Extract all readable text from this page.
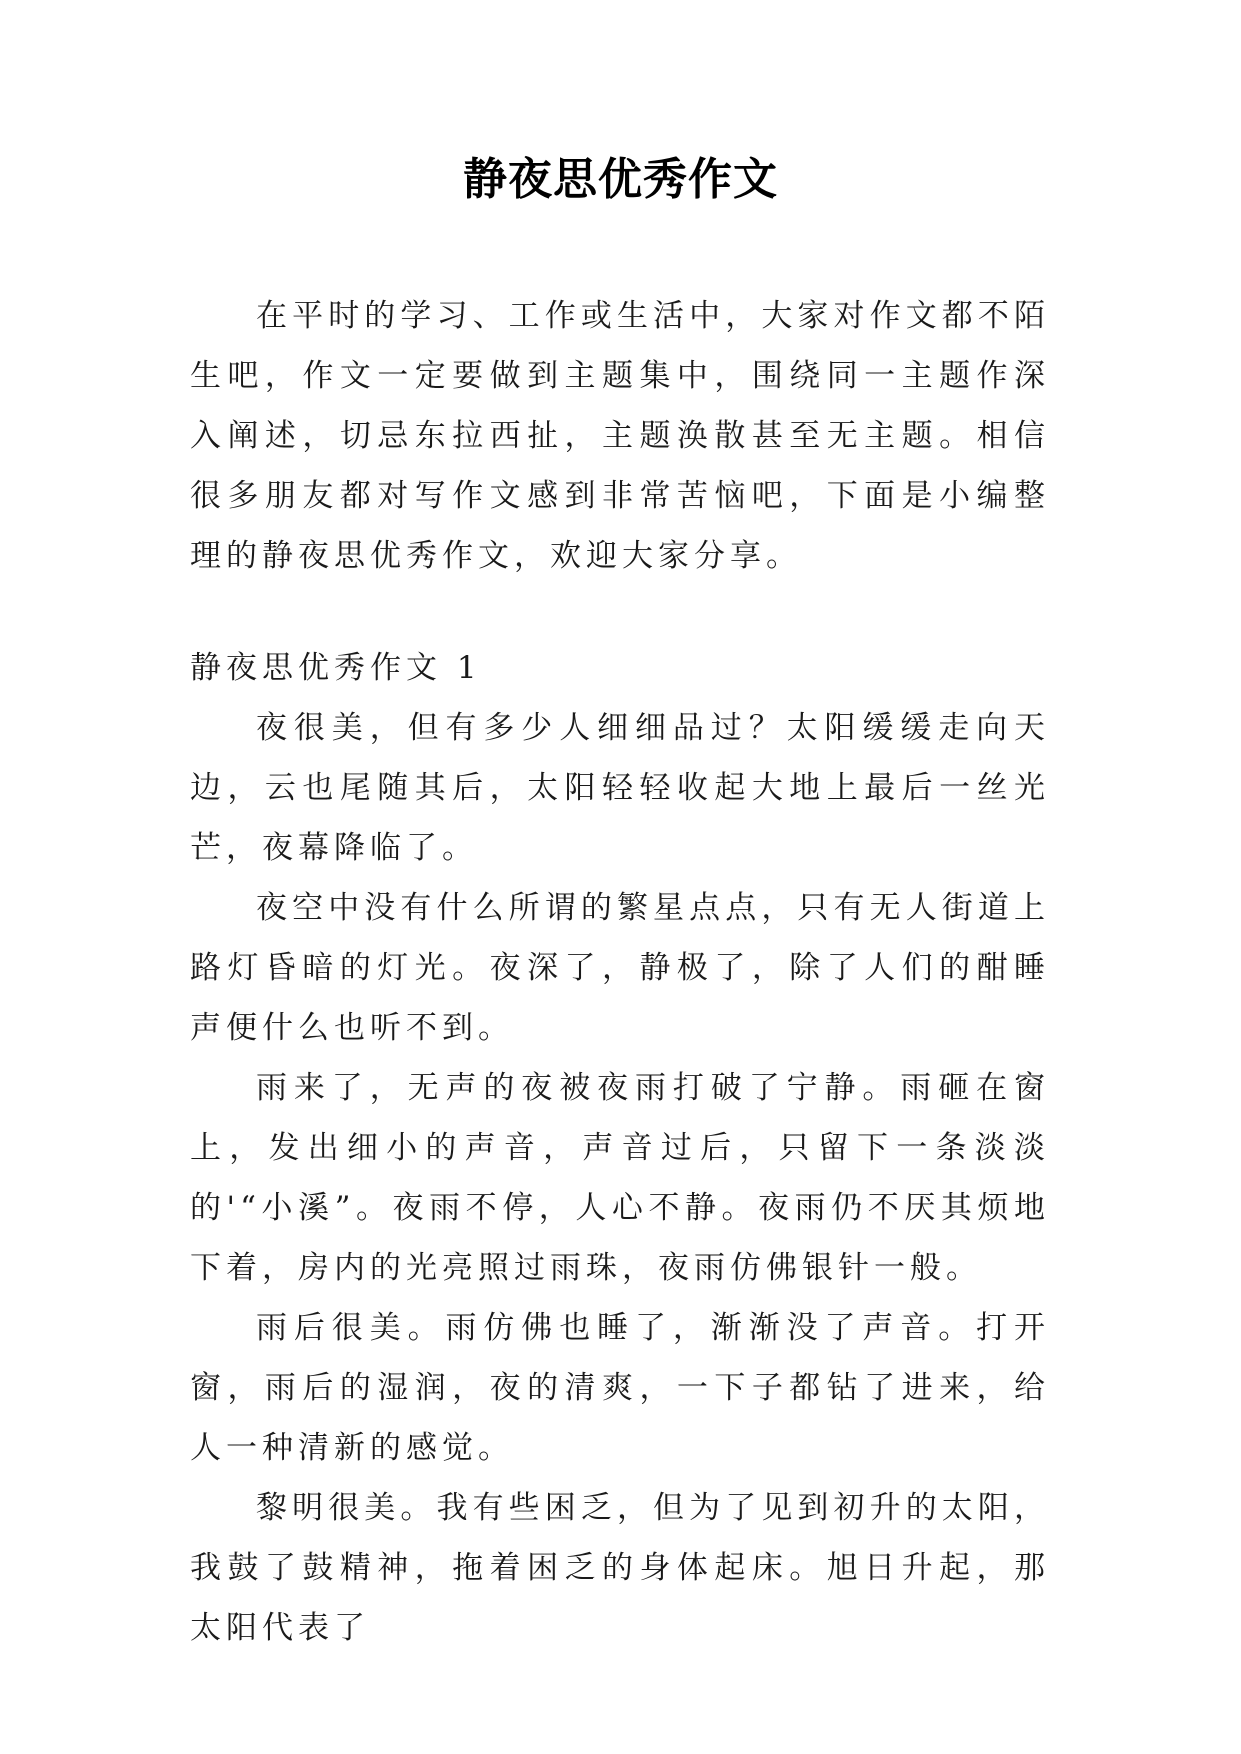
静夜思优秀作文

在平时的学习、工作或生活中，大家对作文都不陌生吧，作文一定要做到主题集中，围绕同一主题作深入阐述，切忌东拉西扯，主题涣散甚至无主题。相信很多朋友都对写作文感到非常苦恼吧，下面是小编整理的静夜思优秀作文，欢迎大家分享。

静夜思优秀作文 1

夜很美，但有多少人细细品过？太阳缓缓走向天边，云也尾随其后，太阳轻轻收起大地上最后一丝光芒，夜幕降临了。

夜空中没有什么所谓的繁星点点，只有无人街道上路灯昏暗的灯光。夜深了，静极了，除了人们的酣睡声便什么也听不到。

雨来了，无声的夜被夜雨打破了宁静。雨砸在窗上，发出细小的声音，声音过后，只留下一条淡淡的'“小溪”。夜雨不停，人心不静。夜雨仍不厌其烦地下着，房内的光亮照过雨珠，夜雨仿佛银针一般。

雨后很美。雨仿佛也睡了，渐渐没了声音。打开窗，雨后的湿润，夜的清爽，一下子都钻了进来，给人一种清新的感觉。

黎明很美。我有些困乏，但为了见到初升的太阳，我鼓了鼓精神，拖着困乏的身体起床。旭日升起，那太阳代表了
